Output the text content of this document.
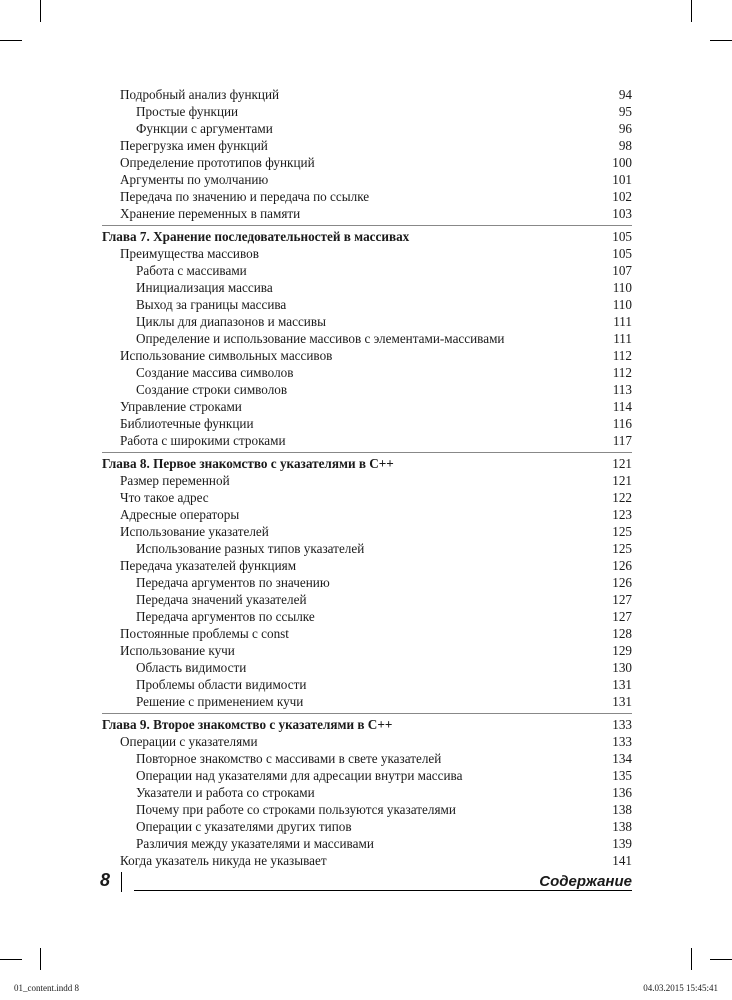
Подробный анализ функций	94
Простые функции	95
Функции с аргументами	96
Перегрузка имен функций	98
Определение прототипов функций	100
Аргументы по умолчанию	101
Передача по значению и передача по ссылке	102
Хранение переменных в памяти	103
Глава 7. Хранение последовательностей в массивах	105
Преимущества массивов	105
Работа с массивами	107
Инициализация массива	110
Выход за границы массива	110
Циклы для диапазонов и массивы	111
Определение и использование массивов с элементами-массивами	111
Использование символьных массивов	112
Создание массива символов	112
Создание строки символов	113
Управление строками	114
Библиотечные функции	116
Работа с широкими строками	117
Глава 8. Первое знакомство с указателями в С++	121
Размер переменной	121
Что такое адрес	122
Адресные операторы	123
Использование указателей	125
Использование разных типов указателей	125
Передача указателей функциям	126
Передача аргументов по значению	126
Передача значений указателей	127
Передача аргументов по ссылке	127
Постоянные проблемы с const	128
Использование кучи	129
Область видимости	130
Проблемы области видимости	131
Решение с применением кучи	131
Глава 9. Второе знакомство с указателями в С++	133
Операции с указателями	133
Повторное знакомство с массивами в свете указателей	134
Операции над указателями для адресации внутри массива	135
Указатели и работа со строками	136
Почему при работе со строками пользуются указателями	138
Операции с указателями других типов	138
Различия между указателями и массивами	139
Когда указатель никуда не указывает	141
8	Содержание
01_content.indd 8	04.03.2015 15:45:41
